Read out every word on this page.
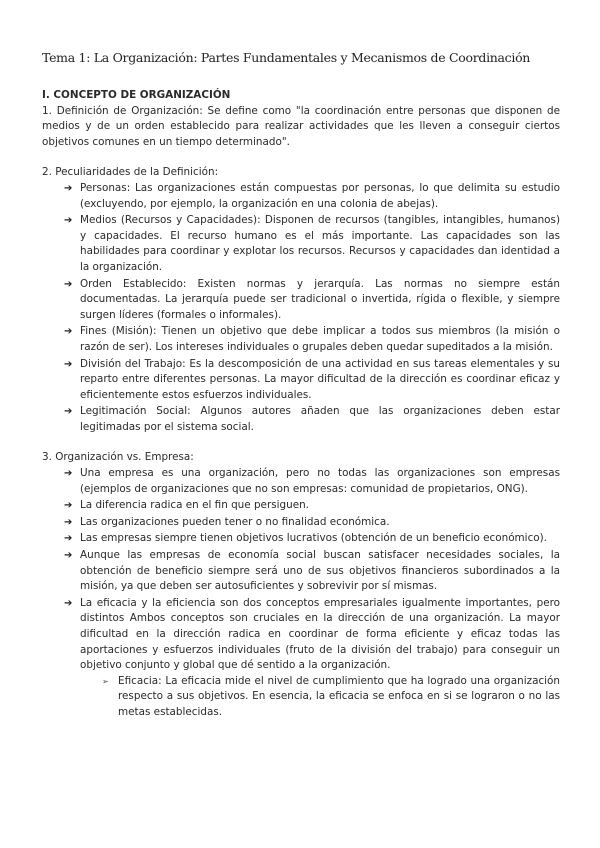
Tema 1: La Organización: Partes Fundamentales y Mecanismos de Coordinación

I. CONCEPTO DE ORGANIZACIÓN

1. Definición de Organización: Se define como "la coordinación entre personas que disponen de medios y de un orden establecido para realizar actividades que les lleven a conseguir ciertos objetivos comunes en un tiempo determinado".

2. Peculiaridades de la Definición:

➔ Personas: Las organizaciones están compuestas por personas, lo que delimita su estudio (excluyendo, por ejemplo, la organización en una colonia de abejas).
➔ Medios (Recursos y Capacidades): Disponen de recursos (tangibles, intangibles, humanos) y capacidades. El recurso humano es el más importante. Las capacidades son las habilidades para coordinar y explotar los recursos. Recursos y capacidades dan identidad a la organización.
➔ Orden Establecido: Existen normas y jerarquía. Las normas no siempre están documentadas. La jerarquía puede ser tradicional o invertida, rígida o flexible, y siempre surgen líderes (formales o informales).
➔ Fines (Misión): Tienen un objetivo que debe implicar a todos sus miembros (la misión o razón de ser). Los intereses individuales o grupales deben quedar supeditados a la misión.
➔ División del Trabajo: Es la descomposición de una actividad en sus tareas elementales y su reparto entre diferentes personas. La mayor dificultad de la dirección es coordinar eficaz y eficientemente estos esfuerzos individuales.
➔ Legitimación Social: Algunos autores añaden que las organizaciones deben estar legitimadas por el sistema social.

3. Organización vs. Empresa:

➔ Una empresa es una organización, pero no todas las organizaciones son empresas (ejemplos de organizaciones que no son empresas: comunidad de propietarios, ONG).
➔ La diferencia radica en el fin que persiguen.
➔ Las organizaciones pueden tener o no finalidad económica.
➔ Las empresas siempre tienen objetivos lucrativos (obtención de un beneficio económico).
➔ Aunque las empresas de economía social buscan satisfacer necesidades sociales, la obtención de beneficio siempre será uno de sus objetivos financieros subordinados a la misión, ya que deben ser autosuficientes y sobrevivir por sí mismas.
➔ La eficacia y la eficiencia son dos conceptos empresariales igualmente importantes, pero distintos Ambos conceptos son cruciales en la dirección de una organización. La mayor dificultad en la dirección radica en coordinar de forma eficiente y eficaz todas las aportaciones y esfuerzos individuales (fruto de la división del trabajo) para conseguir un objetivo conjunto y global que dé sentido a la organización.
➢ Eficacia: La eficacia mide el nivel de cumplimiento que ha logrado una organización respecto a sus objetivos. En esencia, la eficacia se enfoca en si se lograron o no las metas establecidas.
